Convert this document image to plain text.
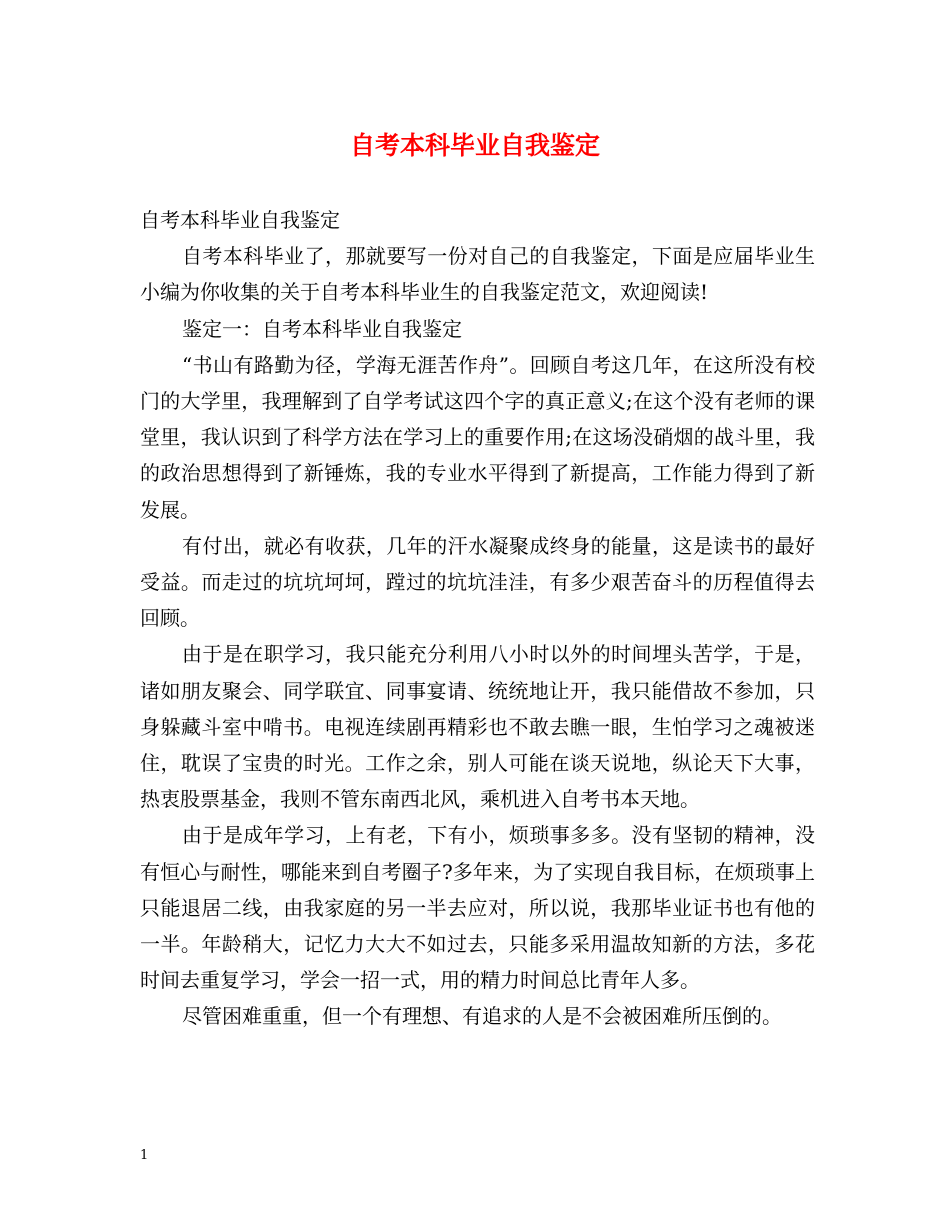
自考本科毕业自我鉴定

自考本科毕业自我鉴定

自考本科毕业了，那就要写一份对自己的自我鉴定，下面是应届毕业生小编为你收集的关于自考本科毕业生的自我鉴定范文，欢迎阅读!

鉴定一：自考本科毕业自我鉴定

“书山有路勤为径，学海无涯苦作舟”。回顾自考这几年，在这所没有校门的大学里，我理解到了自学考试这四个字的真正意义;在这个没有老师的课堂里，我认识到了科学方法在学习上的重要作用;在这场没硝烟的战斗里，我的政治思想得到了新锤炼，我的专业水平得到了新提高，工作能力得到了新发展。

有付出，就必有收获，几年的汗水凝聚成终身的能量，这是读书的最好受益。而走过的坑坑坷坷，蹚过的坑坑洼洼，有多少艰苦奋斗的历程值得去回顾。

由于是在职学习，我只能充分利用八小时以外的时间埋头苦学，于是，诸如朋友聚会、同学联宜、同事宴请、统统地让开，我只能借故不参加，只身躲藏斗室中啃书。电视连续剧再精彩也不敢去瞧一眼，生怕学习之魂被迷住，耽误了宝贵的时光。工作之余，别人可能在谈天说地，纵论天下大事，热衷股票基金，我则不管东南西北风，乘机进入自考书本天地。

由于是成年学习，上有老，下有小，烦琐事多多。没有坚韧的精神，没有恒心与耐性，哪能来到自考圈子?多年来，为了实现自我目标，在烦琐事上只能退居二线，由我家庭的另一半去应对，所以说，我那毕业证书也有他的一半。年龄稍大，记忆力大大不如过去，只能多采用温故知新的方法，多花时间去重复学习，学会一招一式，用的精力时间总比青年人多。

尽管困难重重，但一个有理想、有追求的人是不会被困难所压倒的。

1
